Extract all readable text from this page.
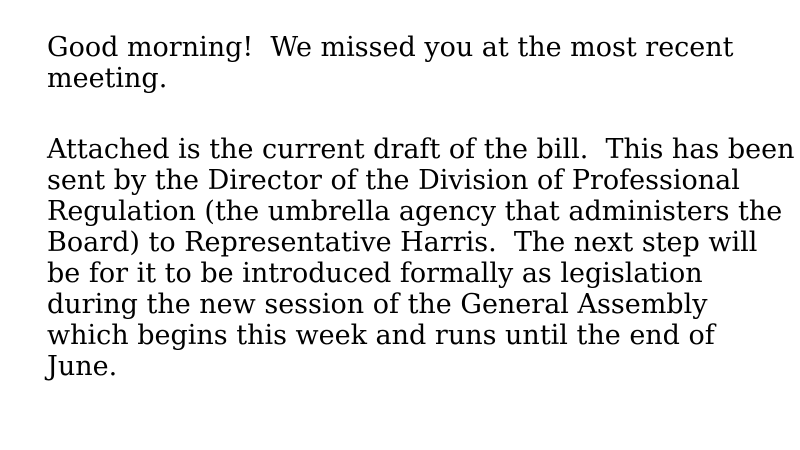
Good morning!  We missed you at the most recent
meeting.
Attached is the current draft of the bill.  This has been
sent by the Director of the Division of Professional
Regulation (the umbrella agency that administers the
Board) to Representative Harris.  The next step will
be for it to be introduced formally as legislation
during the new session of the General Assembly
which begins this week and runs until the end of
June.
